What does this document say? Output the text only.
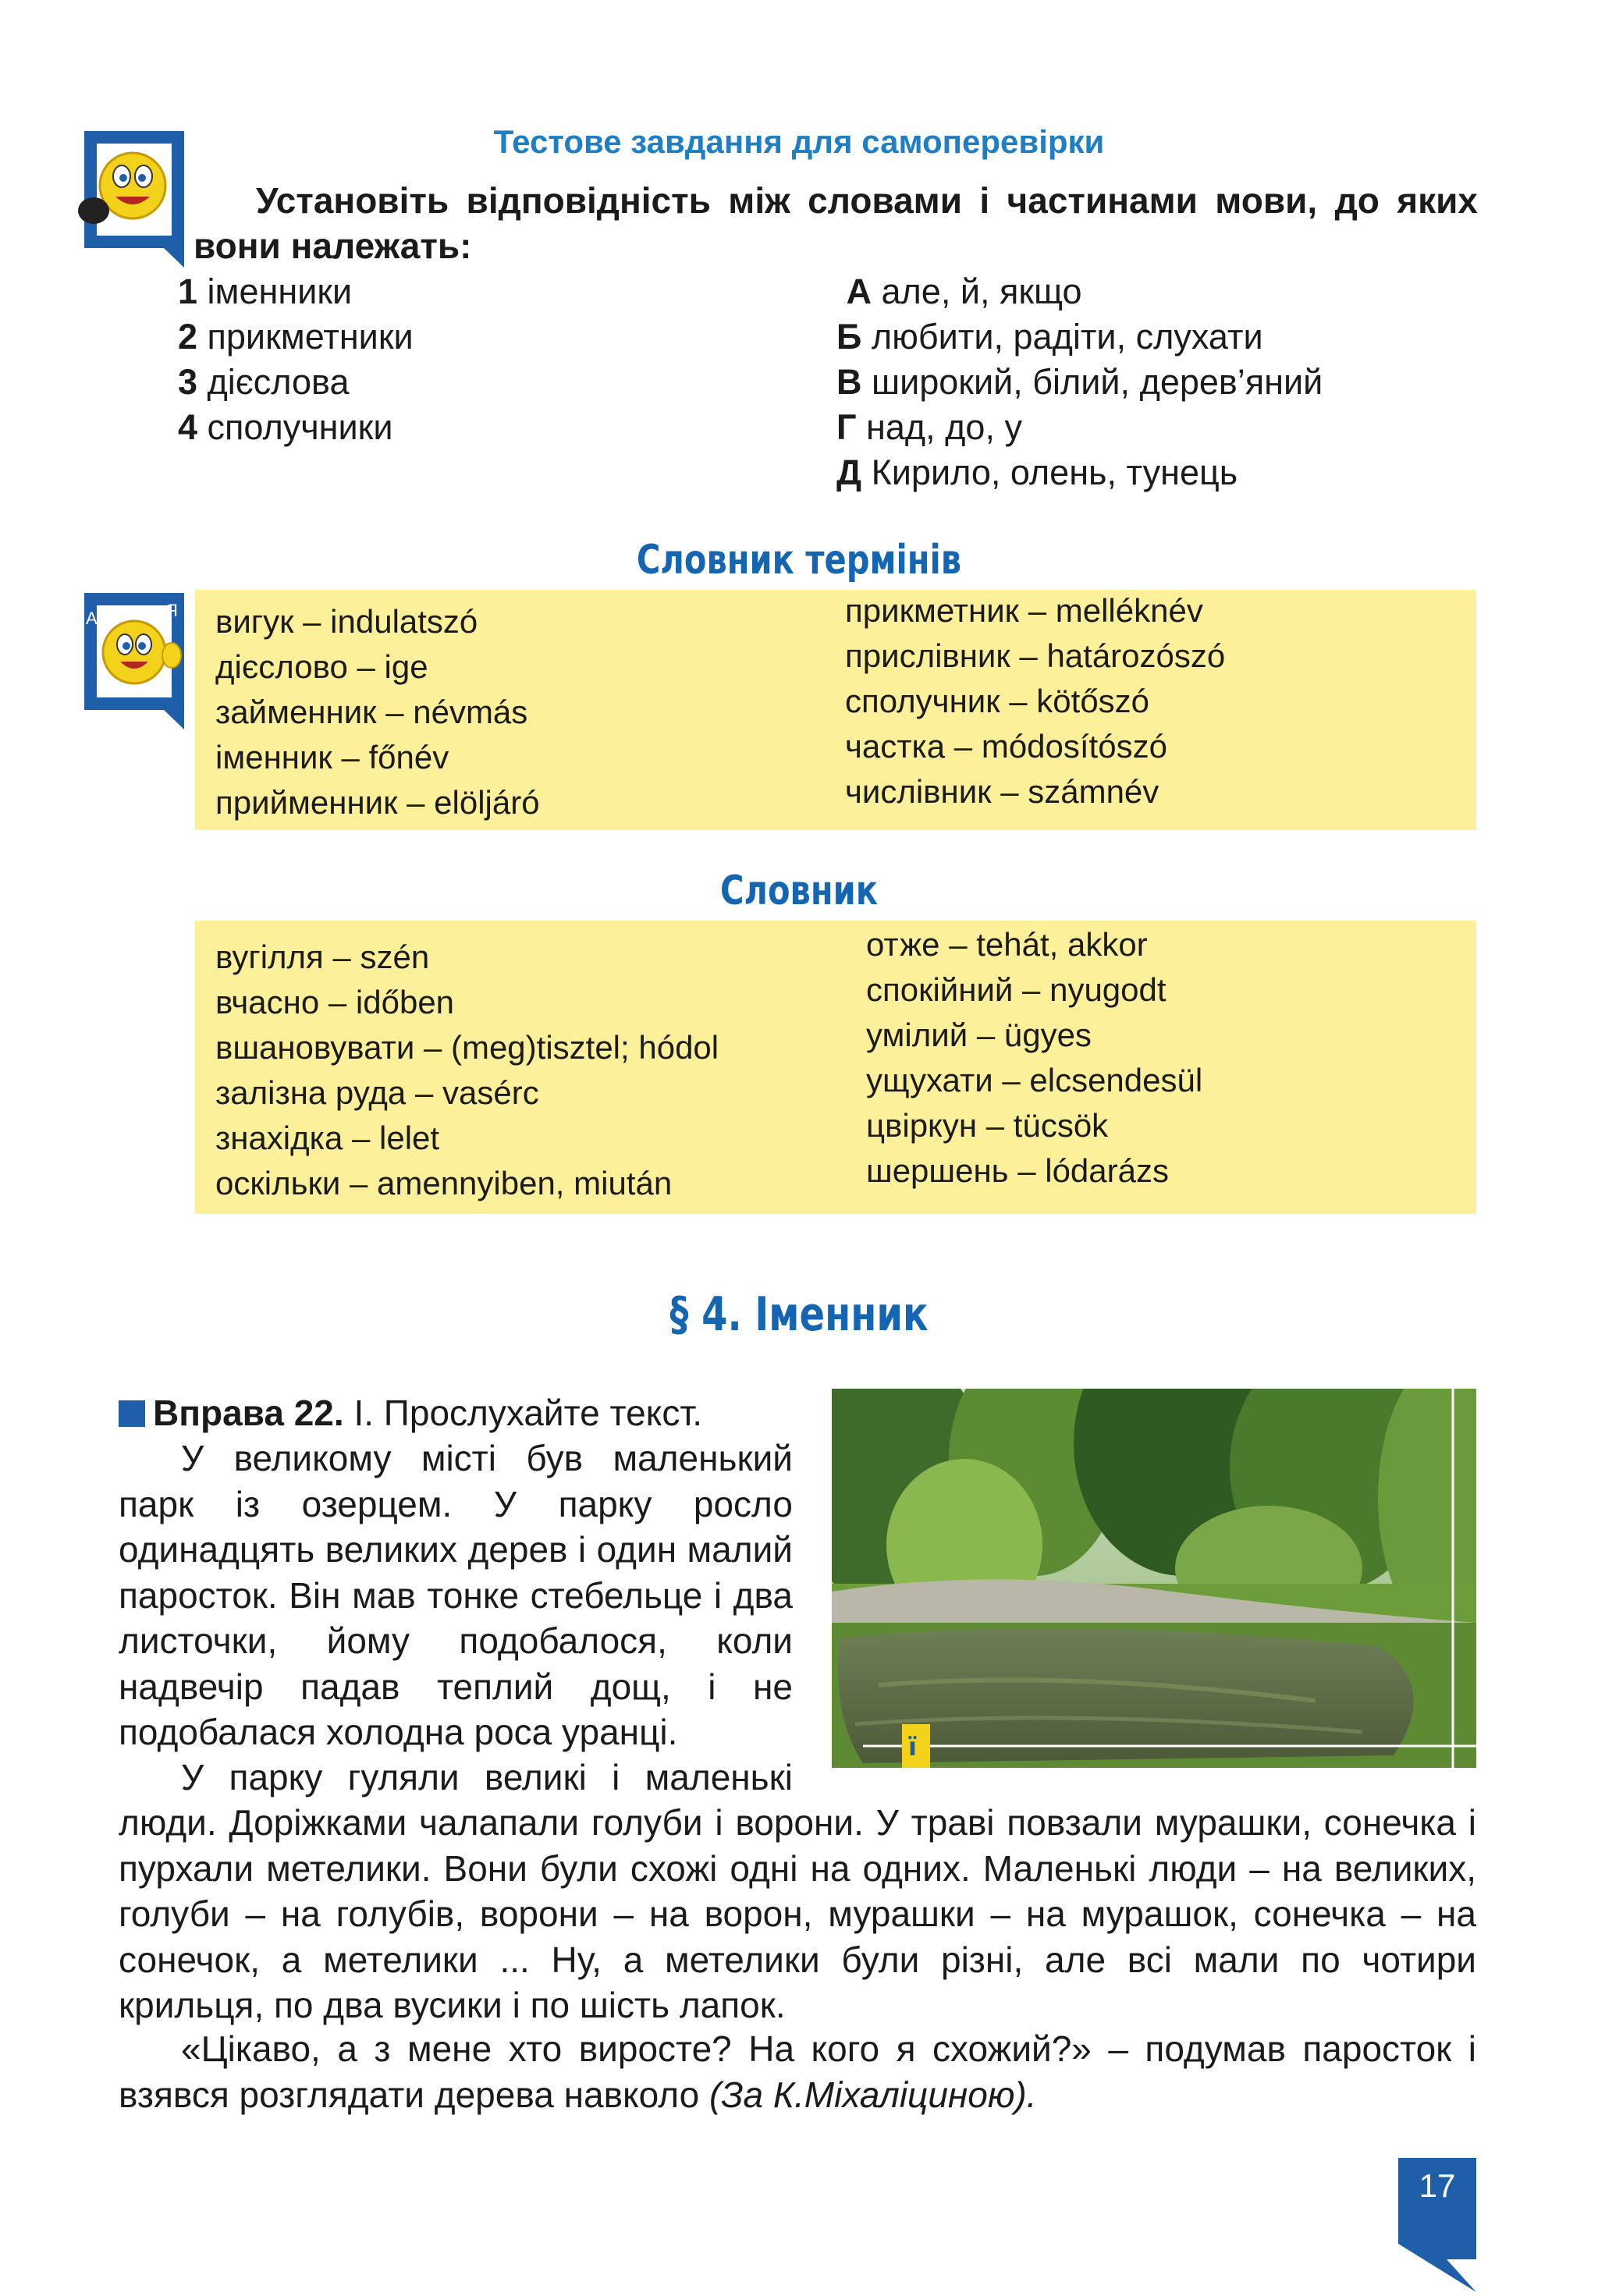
Тестове завдання для самоперевірки
Установіть відповідність між словами і частинами мови, до яких вони належать:
1 іменники
2 прикметники
3 дієслова
4 сполучники
А але, й, якщо
Б любити, радіти, слухати
В широкий, білий, дерев’яний
Г над, до, у
Д Кирило, олень, тунець
Словник термінів
А	Я вигук – indulatszó
дієслово – ige
займенник – névmás
іменник – főnév
прийменник – elöljáró
прикметник – melléknév
прислівник – határozószó
сполучник – kötőszó
частка – módosítószó
числівник – számnév
Словник
вугілля – szén
вчасно – időben
вшановувати – (meg)tisztel; hódol
залізна руда – vasérc
знахідка – lelet
оскільки – amennyiben, miután
отже – tehát, akkor
спокійний – nyugodt
умілий – ügyes
ущухати – elcsendesül
цвіркун – tücsök
шершень – lódarázs
§ 4. Іменник
Вправа 22. І. Прослухайте текст.
У великому місті був маленький парк із озерцем. У парку росло одинадцять великих дерев і один малий паросток. Він мав тонке стебельце і два листочки, йому подобалося, коли надвечір падав теплий дощ, і не подобалася холодна роса уранці.
У парку гуляли великі і маленькі
люди. Доріжками чалапали голуби і ворони. У траві повзали мурашки, сонечка і пурхали метелики. Вони були схожі одні на одних. Маленькі люди – на великих, голуби – на голубів, ворони – на ворон, мурашки – на мурашок, сонечка – на сонечок, а метелики ... Ну, а метелики були різні, але всі мали по чотири крильця, по два вусики і по шість лапок.
«Цікаво, а з мене хто виросте? На кого я схожий?» – подумав паросток і взявся розглядати дерева навколо (За К.Міхаліциною).
ї
17
